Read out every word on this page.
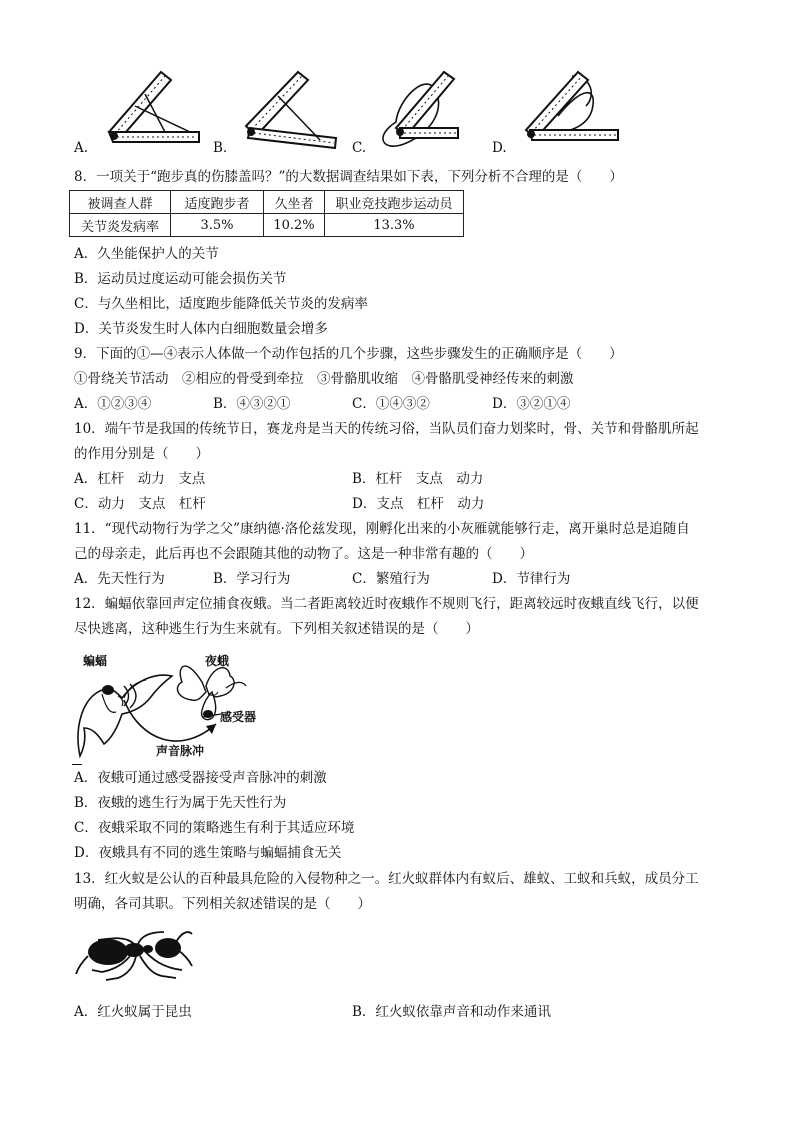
A.	B.	C.	D.
8．一项关于“跑步真的伤膝盖吗？”的大数据调查结果如下表，下列分析不合理的是（　　）
被调查人群	适度跑步者	久坐者	职业竞技跑步运动员
关节炎发病率	3.5%	10.2%	13.3%
A．久坐能保护人的关节
B．运动员过度运动可能会损伤关节
C．与久坐相比，适度跑步能降低关节炎的发病率
D．关节炎发生时人体内白细胞数量会增多
9．下面的①—④表示人体做一个动作包括的几个步骤，这些步骤发生的正确顺序是（　　）
①骨绕关节活动　②相应的骨受到牵拉　③骨骼肌收缩　④骨骼肌受神经传来的刺激
A．①②③④	B．④③②①	C．①④③②	D．③②①④
10．端午节是我国的传统节日，赛龙舟是当天的传统习俗，当队员们奋力划桨时，骨、关节和骨骼肌所起
的作用分别是（　　）
A．杠杆　动力　支点	B．杠杆　支点　动力
C．动力　支点　杠杆	D．支点　杠杆　动力
11．“现代动物行为学之父”康纳德·洛伦兹发现，刚孵化出来的小灰雁就能够行走，离开巢时总是追随自
己的母亲走，此后再也不会跟随其他的动物了。这是一种非常有趣的（　　）
A．先天性行为	B．学习行为	C．繁殖行为	D．节律行为
12．蝙蝠依靠回声定位捕食夜蛾。当二者距离较近时夜蛾作不规则飞行，距离较远时夜蛾直线飞行，以便
尽快逃离，这种逃生行为生来就有。下列相关叙述错误的是（　　）
蝙蝠
声音脉冲
夜蛾
感受器
A．夜蛾可通过感受器接受声音脉冲的刺激
B．夜蛾的逃生行为属于先天性行为
C．夜蛾采取不同的策略逃生有利于其适应环境
D．夜蛾具有不同的逃生策略与蝙蝠捕食无关
13．红火蚁是公认的百种最具危险的入侵物种之一。红火蚁群体内有蚁后、雄蚁、工蚁和兵蚁，成员分工
明确，各司其职。下列相关叙述错误的是（　　）
A．红火蚁属于昆虫	B．红火蚁依靠声音和动作来通讯
